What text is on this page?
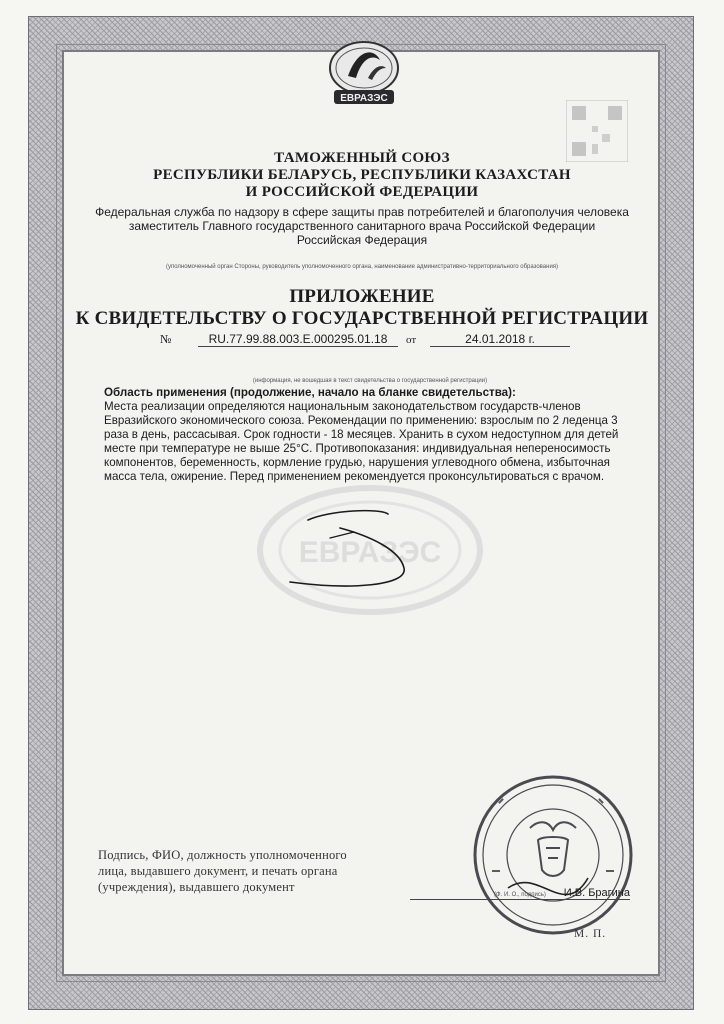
ЕВРАЗЭС
ТАМОЖЕННЫЙ СОЮЗ
РЕСПУБЛИКИ БЕЛАРУСЬ, РЕСПУБЛИКИ КАЗАХСТАН
И РОССИЙСКОЙ ФЕДЕРАЦИИ
Федеральная служба по надзору в сфере защиты прав потребителей и благополучия человека
заместитель Главного государственного санитарного врача Российской Федерации
Российская Федерация
(уполномоченный орган Стороны, руководитель уполномоченного органа, наименование административно-территориального образования)
ПРИЛОЖЕНИЕ
К СВИДЕТЕЛЬСТВУ О ГОСУДАРСТВЕННОЙ РЕГИСТРАЦИИ
№	RU.77.99.88.003.E.000295.01.18	от	24.01.2018 г.
(информация, не вошедшая в текст свидетельства о государственной регистрации)
Область применения (продолжение, начало на бланке свидетельства):
Места реализации определяются национальным законодательством государств-членов
Евразийского экономического союза. Рекомендации по применению: взрослым по 2 леденца 3
раза в день, рассасывая. Срок годности - 18 месяцев. Хранить в сухом недоступном для детей
месте при температуре не выше 25°С. Противопоказания: индивидуальная непереносимость
компонентов, беременность, кормление грудью, нарушения углеводного обмена, избыточная
масса тела, ожирение. Перед применением рекомендуется проконсультироваться с врачом.
ЕВРАЗЭС
Подпись, ФИО, должность уполномоченного
лица, выдавшего документ, и печать органа
(учреждения), выдавшего документ	И.В. Брагина
(Ф. И. О., подпись)
М. П.
